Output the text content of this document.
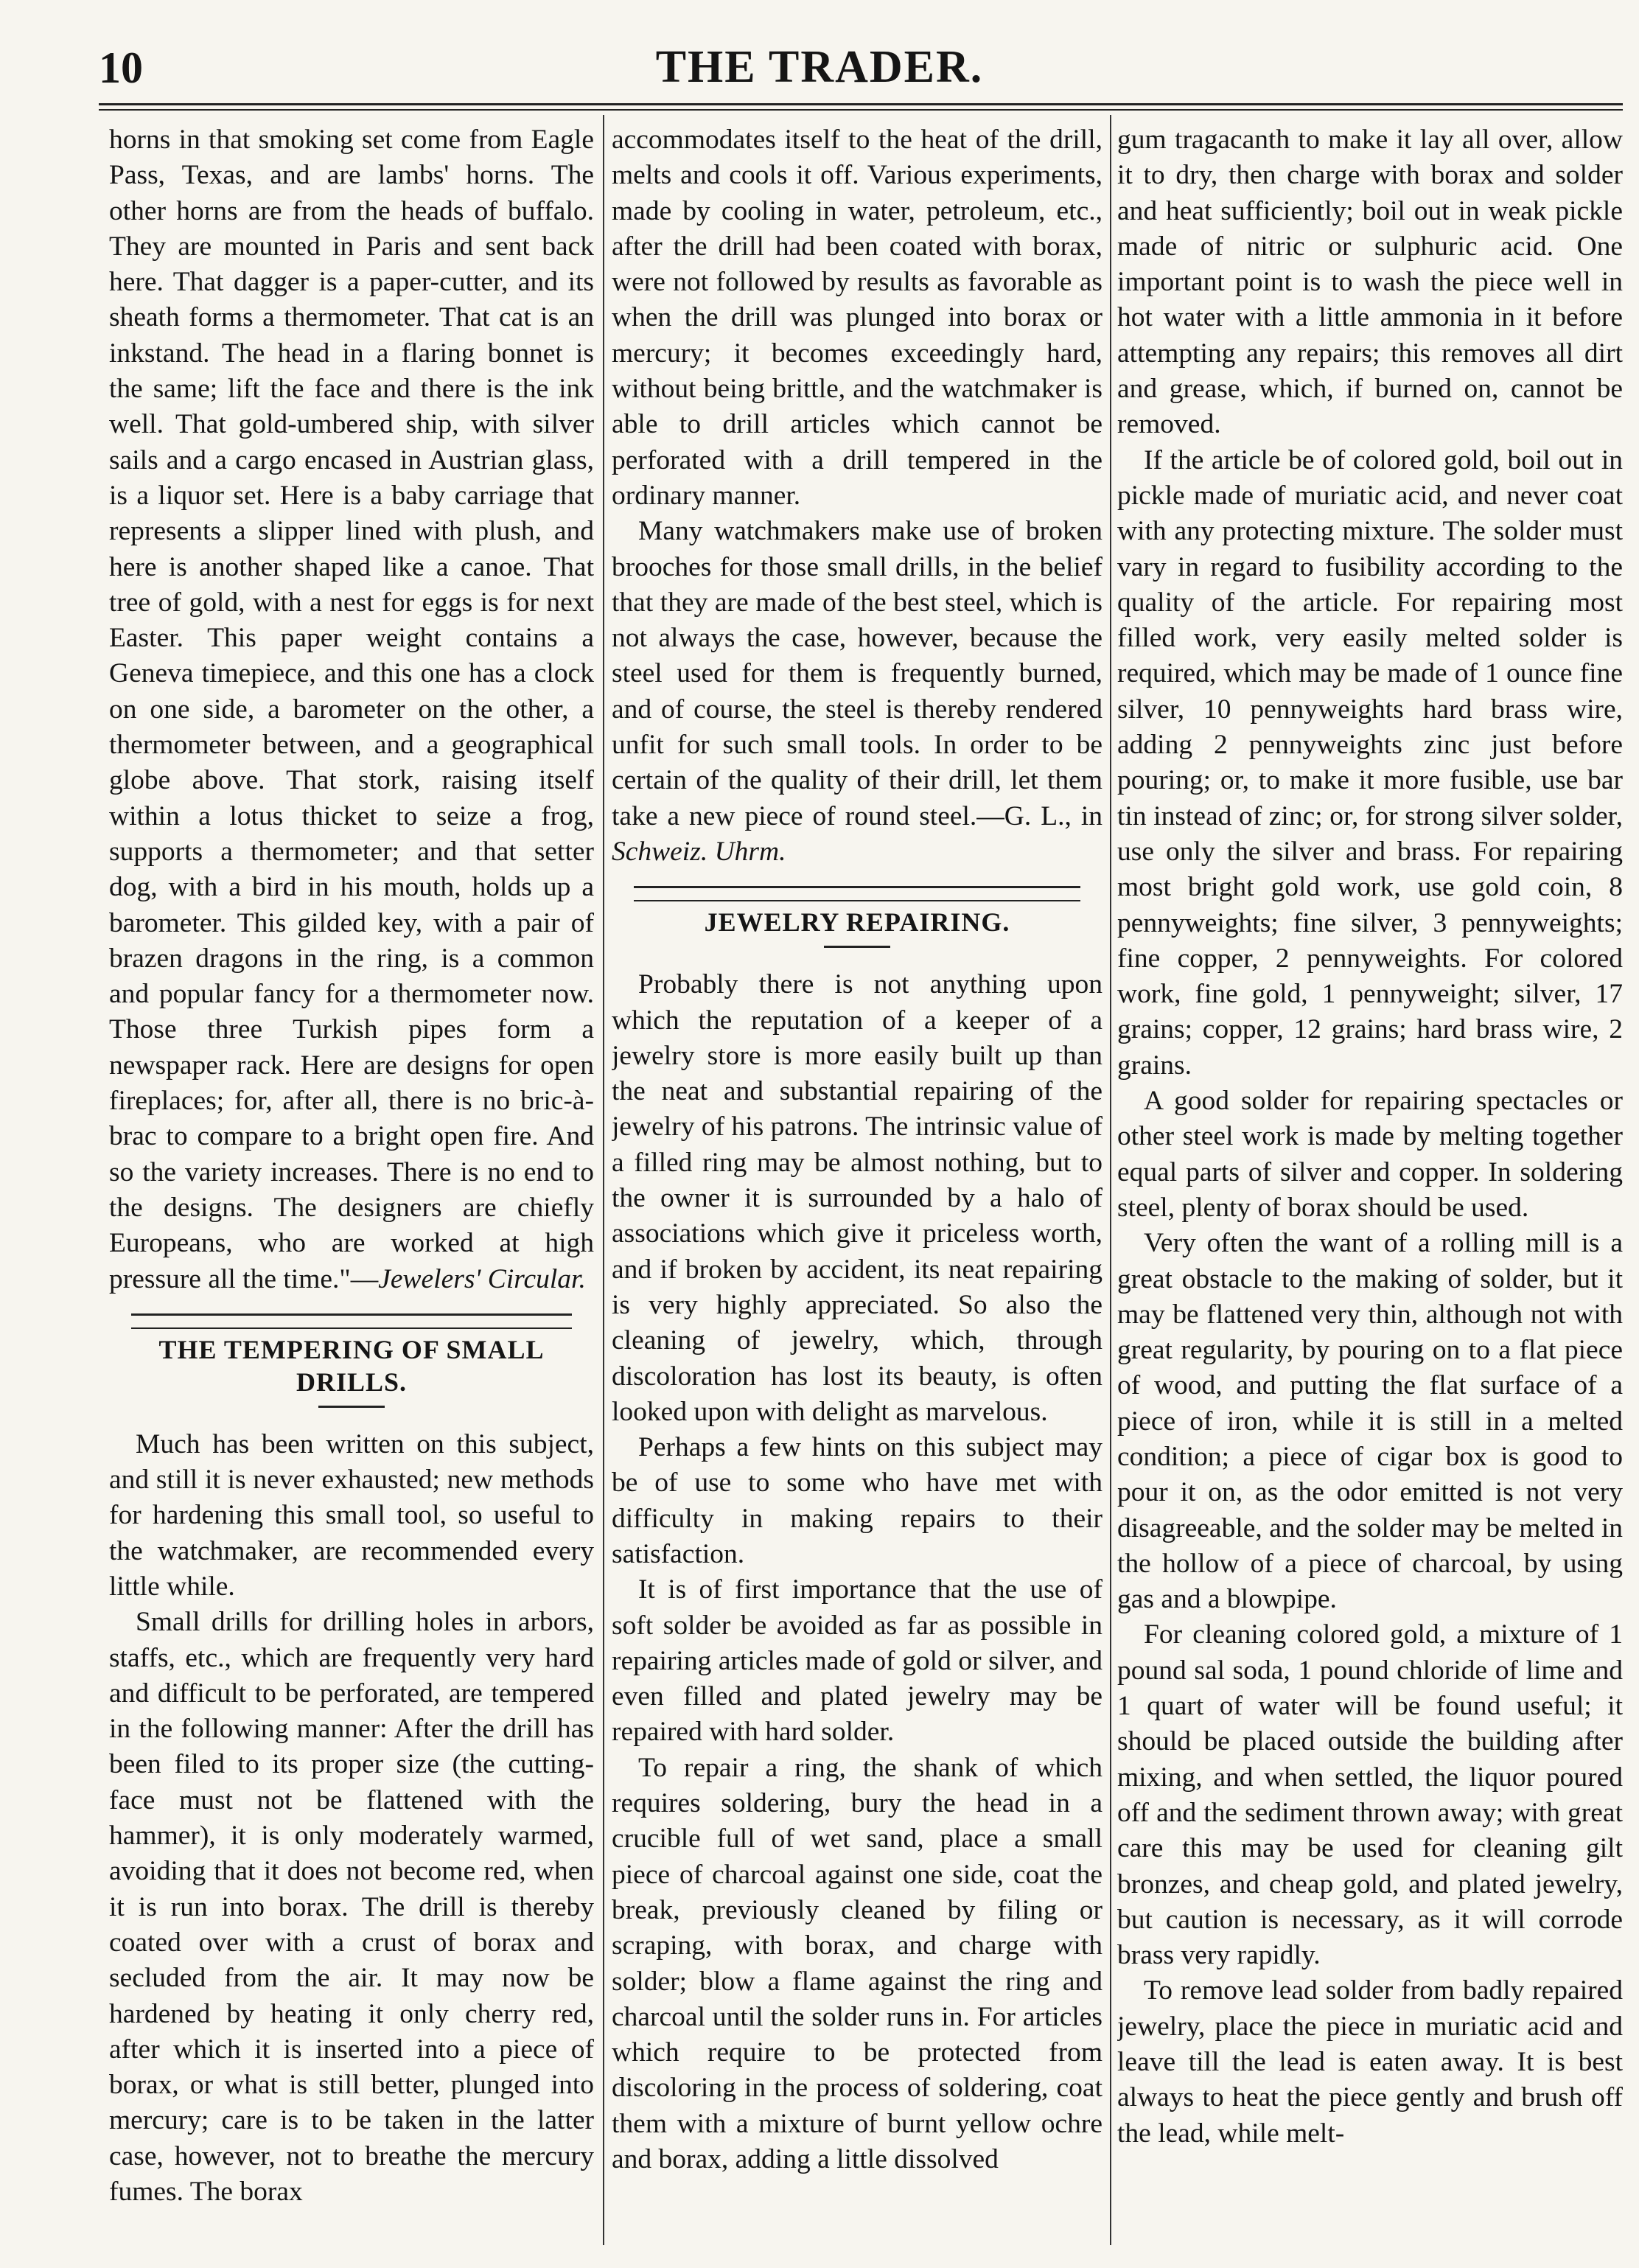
10	THE TRADER.

horns in that smoking set come from Eagle Pass, Texas, and are lambs' horns. The other horns are from the heads of buffalo. They are mounted in Paris and sent back here. That dagger is a paper-cutter, and its sheath forms a thermometer. That cat is an inkstand. The head in a flaring bonnet is the same; lift the face and there is the ink well. That gold-umbered ship, with silver sails and a cargo encased in Austrian glass, is a liquor set. Here is a baby carriage that represents a slipper lined with plush, and here is another shaped like a canoe. That tree of gold, with a nest for eggs is for next Easter. This paper weight contains a Geneva timepiece, and this one has a clock on one side, a barometer on the other, a thermometer between, and a geographical globe above. That stork, raising itself within a lotus thicket to seize a frog, supports a thermometer; and that setter dog, with a bird in his mouth, holds up a barometer. This gilded key, with a pair of brazen dragons in the ring, is a common and popular fancy for a thermometer now. Those three Turkish pipes form a newspaper rack. Here are designs for open fireplaces; for, after all, there is no bric-à-brac to compare to a bright open fire. And so the variety increases. There is no end to the designs. The designers are chiefly Europeans, who are worked at high pressure all the time."—Jewelers' Circular.

THE TEMPERING OF SMALL DRILLS.

Much has been written on this subject, and still it is never exhausted; new methods for hardening this small tool, so useful to the watchmaker, are recommended every little while.

Small drills for drilling holes in arbors, staffs, etc., which are frequently very hard and difficult to be perforated, are tempered in the following manner: After the drill has been filed to its proper size (the cutting-face must not be flattened with the hammer), it is only moderately warmed, avoiding that it does not become red, when it is run into borax. The drill is thereby coated over with a crust of borax and secluded from the air. It may now be hardened by heating it only cherry red, after which it is inserted into a piece of borax, or what is still better, plunged into mercury; care is to be taken in the latter case, however, not to breathe the mercury fumes. The borax

accommodates itself to the heat of the drill, melts and cools it off. Various experiments, made by cooling in water, petroleum, etc., after the drill had been coated with borax, were not followed by results as favorable as when the drill was plunged into borax or mercury; it becomes exceedingly hard, without being brittle, and the watchmaker is able to drill articles which cannot be perforated with a drill tempered in the ordinary manner.

Many watchmakers make use of broken brooches for those small drills, in the belief that they are made of the best steel, which is not always the case, however, because the steel used for them is frequently burned, and of course, the steel is thereby rendered unfit for such small tools. In order to be certain of the quality of their drill, let them take a new piece of round steel.—G. L., in Schweiz. Uhrm.

JEWELRY REPAIRING.

Probably there is not anything upon which the reputation of a keeper of a jewelry store is more easily built up than the neat and substantial repairing of the jewelry of his patrons. The intrinsic value of a filled ring may be almost nothing, but to the owner it is surrounded by a halo of associations which give it priceless worth, and if broken by accident, its neat repairing is very highly appreciated. So also the cleaning of jewelry, which, through discoloration has lost its beauty, is often looked upon with delight as marvelous.

Perhaps a few hints on this subject may be of use to some who have met with difficulty in making repairs to their satisfaction.

It is of first importance that the use of soft solder be avoided as far as possible in repairing articles made of gold or silver, and even filled and plated jewelry may be repaired with hard solder.

To repair a ring, the shank of which requires soldering, bury the head in a crucible full of wet sand, place a small piece of charcoal against one side, coat the break, previously cleaned by filing or scraping, with borax, and charge with solder; blow a flame against the ring and charcoal until the solder runs in. For articles which require to be protected from discoloring in the process of soldering, coat them with a mixture of burnt yellow ochre and borax, adding a little dissolved

gum tragacanth to make it lay all over, allow it to dry, then charge with borax and solder and heat sufficiently; boil out in weak pickle made of nitric or sulphuric acid. One important point is to wash the piece well in hot water with a little ammonia in it before attempting any repairs; this removes all dirt and grease, which, if burned on, cannot be removed.

If the article be of colored gold, boil out in pickle made of muriatic acid, and never coat with any protecting mixture. The solder must vary in regard to fusibility according to the quality of the article. For repairing most filled work, very easily melted solder is required, which may be made of 1 ounce fine silver, 10 pennyweights hard brass wire, adding 2 pennyweights zinc just before pouring; or, to make it more fusible, use bar tin instead of zinc; or, for strong silver solder, use only the silver and brass. For repairing most bright gold work, use gold coin, 8 pennyweights; fine silver, 3 pennyweights; fine copper, 2 pennyweights. For colored work, fine gold, 1 pennyweight; silver, 17 grains; copper, 12 grains; hard brass wire, 2 grains.

A good solder for repairing spectacles or other steel work is made by melting together equal parts of silver and copper. In soldering steel, plenty of borax should be used.

Very often the want of a rolling mill is a great obstacle to the making of solder, but it may be flattened very thin, although not with great regularity, by pouring on to a flat piece of wood, and putting the flat surface of a piece of iron, while it is still in a melted condition; a piece of cigar box is good to pour it on, as the odor emitted is not very disagreeable, and the solder may be melted in the hollow of a piece of charcoal, by using gas and a blowpipe.

For cleaning colored gold, a mixture of 1 pound sal soda, 1 pound chloride of lime and 1 quart of water will be found useful; it should be placed outside the building after mixing, and when settled, the liquor poured off and the sediment thrown away; with great care this may be used for cleaning gilt bronzes, and cheap gold, and plated jewelry, but caution is necessary, as it will corrode brass very rapidly.

To remove lead solder from badly repaired jewelry, place the piece in muriatic acid and leave till the lead is eaten away. It is best always to heat the piece gently and brush off the lead, while melt-
